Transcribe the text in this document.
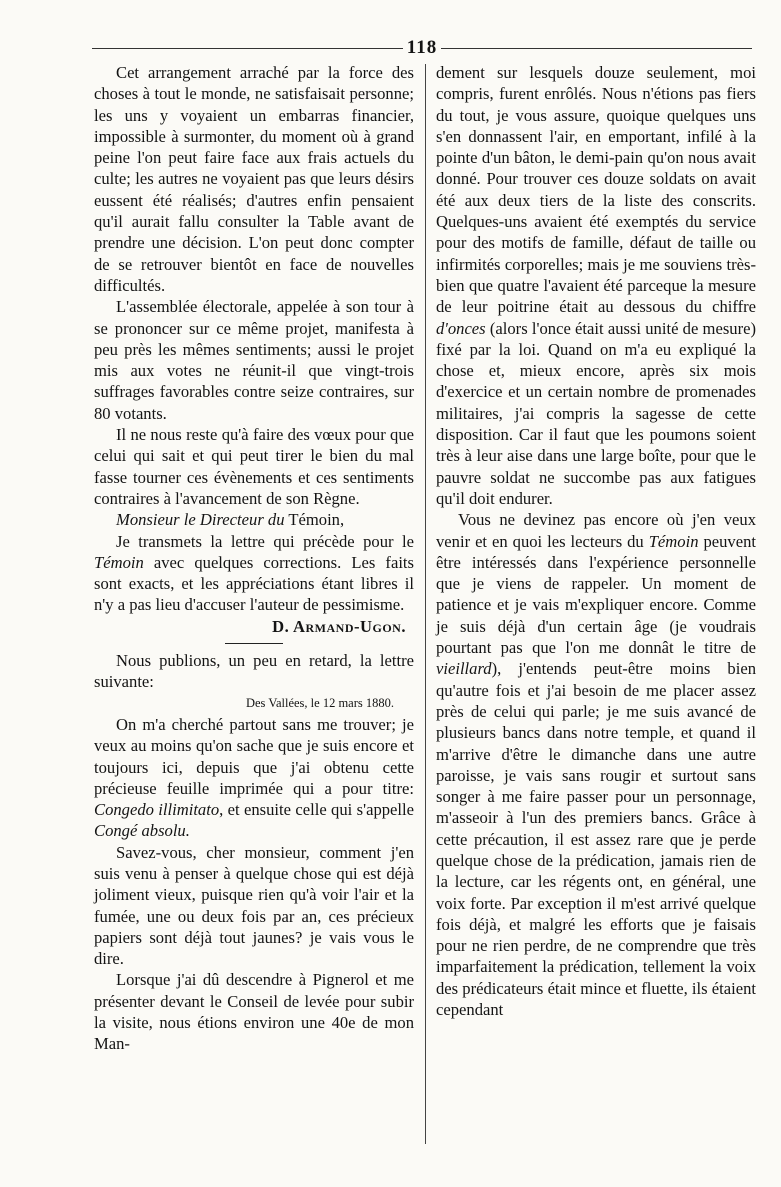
118

Cet arrangement arraché par la force des choses à tout le monde, ne satisfaisait personne; les uns y voyaient un embarras financier, impossible à surmonter, du moment où à grand peine l'on peut faire face aux frais actuels du culte; les autres ne voyaient pas que leurs désirs eussent été réalisés; d'autres enfin pensaient qu'il aurait fallu consulter la Table avant de prendre une décision. L'on peut donc compter de se retrouver bientôt en face de nouvelles difficultés.

L'assemblée électorale, appelée à son tour à se prononcer sur ce même projet, manifesta à peu près les mêmes sentiments; aussi le projet mis aux votes ne réunit-il que vingt-trois suffrages favorables contre seize contraires, sur 80 votants.

Il ne nous reste qu'à faire des vœux pour que celui qui sait et qui peut tirer le bien du mal fasse tourner ces évènements et ces sentiments contraires à l'avancement de son Règne.

Monsieur le Directeur du Témoin,

Je transmets la lettre qui précède pour le Témoin avec quelques corrections. Les faits sont exacts, et les appréciations étant libres il n'y a pas lieu d'accuser l'auteur de pessimisme.

D. Armand-Ugon.

Nous publions, un peu en retard, la lettre suivante:

Des Vallées, le 12 mars 1880.

On m'a cherché partout sans me trouver; je veux au moins qu'on sache que je suis encore et toujours ici, depuis que j'ai obtenu cette précieuse feuille imprimée qui a pour titre: Congedo illimitato, et ensuite celle qui s'appelle Congé absolu.

Savez-vous, cher monsieur, comment j'en suis venu à penser à quelque chose qui est déjà joliment vieux, puisque rien qu'à voir l'air et la fumée, une ou deux fois par an, ces précieux papiers sont déjà tout jaunes? je vais vous le dire.

Lorsque j'ai dû descendre à Pignerol et me présenter devant le Conseil de levée pour subir la visite, nous étions environ une 40e de mon Man-

dement sur lesquels douze seulement, moi compris, furent enrôlés. Nous n'étions pas fiers du tout, je vous assure, quoique quelques uns s'en donnassent l'air, en emportant, infilé à la pointe d'un bâton, le demi-pain qu'on nous avait donné. Pour trouver ces douze soldats on avait été aux deux tiers de la liste des conscrits. Quelques-uns avaient été exemptés du service pour des motifs de famille, défaut de taille ou infirmités corporelles; mais je me souviens très-bien que quatre l'avaient été parceque la mesure de leur poitrine était au dessous du chiffre d'onces (alors l'once était aussi unité de mesure) fixé par la loi. Quand on m'a eu expliqué la chose et, mieux encore, après six mois d'exercice et un certain nombre de promenades militaires, j'ai compris la sagesse de cette disposition. Car il faut que les poumons soient très à leur aise dans une large boîte, pour que le pauvre soldat ne succombe pas aux fatigues qu'il doit endurer.

Vous ne devinez pas encore où j'en veux venir et en quoi les lecteurs du Témoin peuvent être intéressés dans l'expérience personnelle que je viens de rappeler. Un moment de patience et je vais m'expliquer encore. Comme je suis déjà d'un certain âge (je voudrais pourtant pas que l'on me donnât le titre de vieillard), j'entends peut-être moins bien qu'autre fois et j'ai besoin de me placer assez près de celui qui parle; je me suis avancé de plusieurs bancs dans notre temple, et quand il m'arrive d'être le dimanche dans une autre paroisse, je vais sans rougir et surtout sans songer à me faire passer pour un personnage, m'asseoir à l'un des premiers bancs. Grâce à cette précaution, il est assez rare que je perde quelque chose de la prédication, jamais rien de la lecture, car les régents ont, en général, une voix forte. Par exception il m'est arrivé quelque fois déjà, et malgré les efforts que je faisais pour ne rien perdre, de ne comprendre que très imparfaitement la prédication, tellement la voix des prédicateurs était mince et fluette, ils étaient cependant
